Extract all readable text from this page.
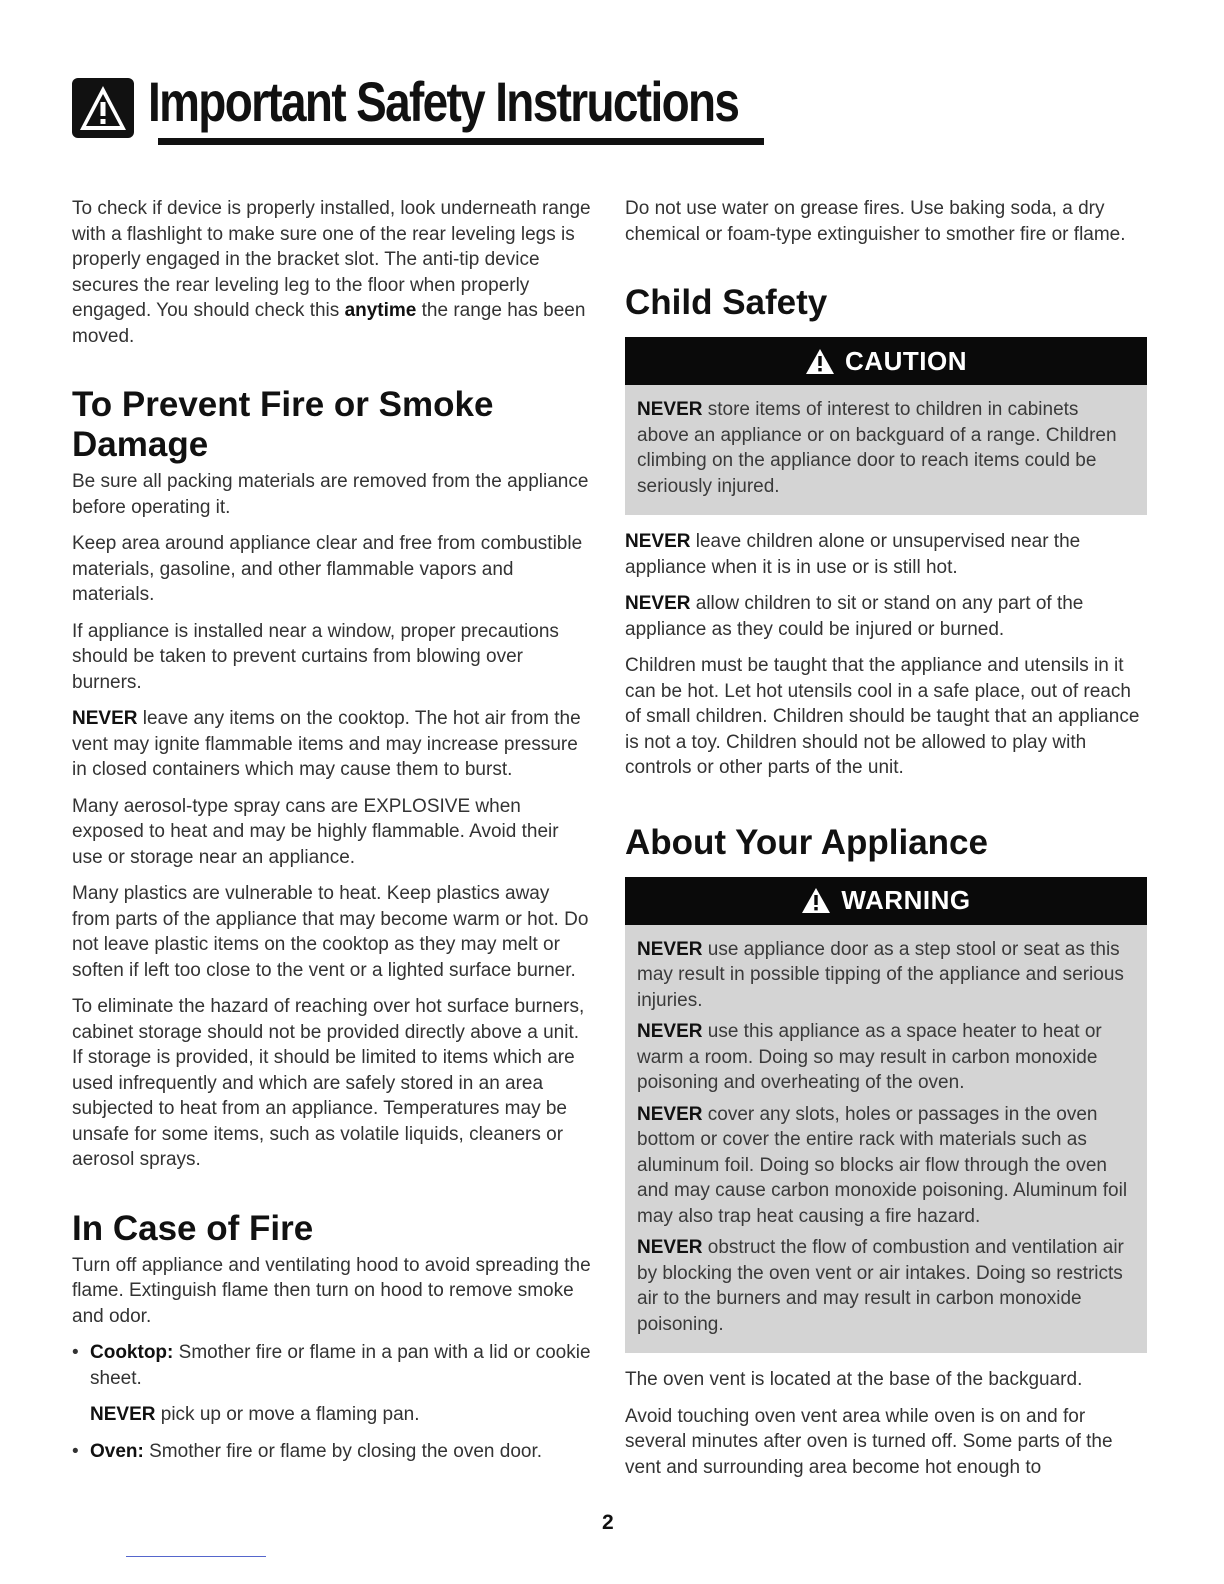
Important Safety Instructions

To check if device is properly installed, look underneath range with a flashlight to make sure one of the rear leveling legs is properly engaged in the bracket slot. The anti-tip device secures the rear leveling leg to the floor when properly engaged. You should check this anytime the range has been moved.

To Prevent Fire or Smoke Damage

Be sure all packing materials are removed from the appliance before operating it.

Keep area around appliance clear and free from combustible materials, gasoline, and other flammable vapors and materials.

If appliance is installed near a window, proper precautions should be taken to prevent curtains from blowing over burners.

NEVER leave any items on the cooktop. The hot air from the vent may ignite flammable items and may increase pressure in closed containers which may cause them to burst.

Many aerosol-type spray cans are EXPLOSIVE when exposed to heat and may be highly flammable. Avoid their use or storage near an appliance.

Many plastics are vulnerable to heat. Keep plastics away from parts of the appliance that may become warm or hot. Do not leave plastic items on the cooktop as they may melt or soften if left too close to the vent or a lighted surface burner.

To eliminate the hazard of reaching over hot surface burners, cabinet storage should not be provided directly above a unit. If storage is provided, it should be limited to items which are used infrequently and which are safely stored in an area subjected to heat from an appliance. Temperatures may be unsafe for some items, such as volatile liquids, cleaners or aerosol sprays.

In Case of Fire

Turn off appliance and ventilating hood to avoid spreading the flame. Extinguish flame then turn on hood to remove smoke and odor.

• Cooktop: Smother fire or flame in a pan with a lid or cookie sheet.
NEVER pick up or move a flaming pan.
• Oven: Smother fire or flame by closing the oven door.

Do not use water on grease fires. Use baking soda, a dry chemical or foam-type extinguisher to smother fire or flame.

Child Safety
CAUTION

NEVER store items of interest to children in cabinets above an appliance or on backguard of a range. Children climbing on the appliance door to reach items could be seriously injured.

NEVER leave children alone or unsupervised near the appliance when it is in use or is still hot.

NEVER allow children to sit or stand on any part of the appliance as they could be injured or burned.

Children must be taught that the appliance and utensils in it can be hot. Let hot utensils cool in a safe place, out of reach of small children. Children should be taught that an appliance is not a toy. Children should not be allowed to play with controls or other parts of the unit.

About Your Appliance
WARNING

NEVER use appliance door as a step stool or seat as this may result in possible tipping of the appliance and serious injuries.

NEVER use this appliance as a space heater to heat or warm a room. Doing so may result in carbon monoxide poisoning and overheating of the oven.

NEVER cover any slots, holes or passages in the oven bottom or cover the entire rack with materials such as aluminum foil. Doing so blocks air flow through the oven and may cause carbon monoxide poisoning. Aluminum foil may also trap heat causing a fire hazard.

NEVER obstruct the flow of combustion and ventilation air by blocking the oven vent or air intakes. Doing so restricts air to the burners and may result in carbon monoxide poisoning.

The oven vent is located at the base of the backguard.

Avoid touching oven vent area while oven is on and for several minutes after oven is turned off. Some parts of the vent and surrounding area become hot enough to

2
